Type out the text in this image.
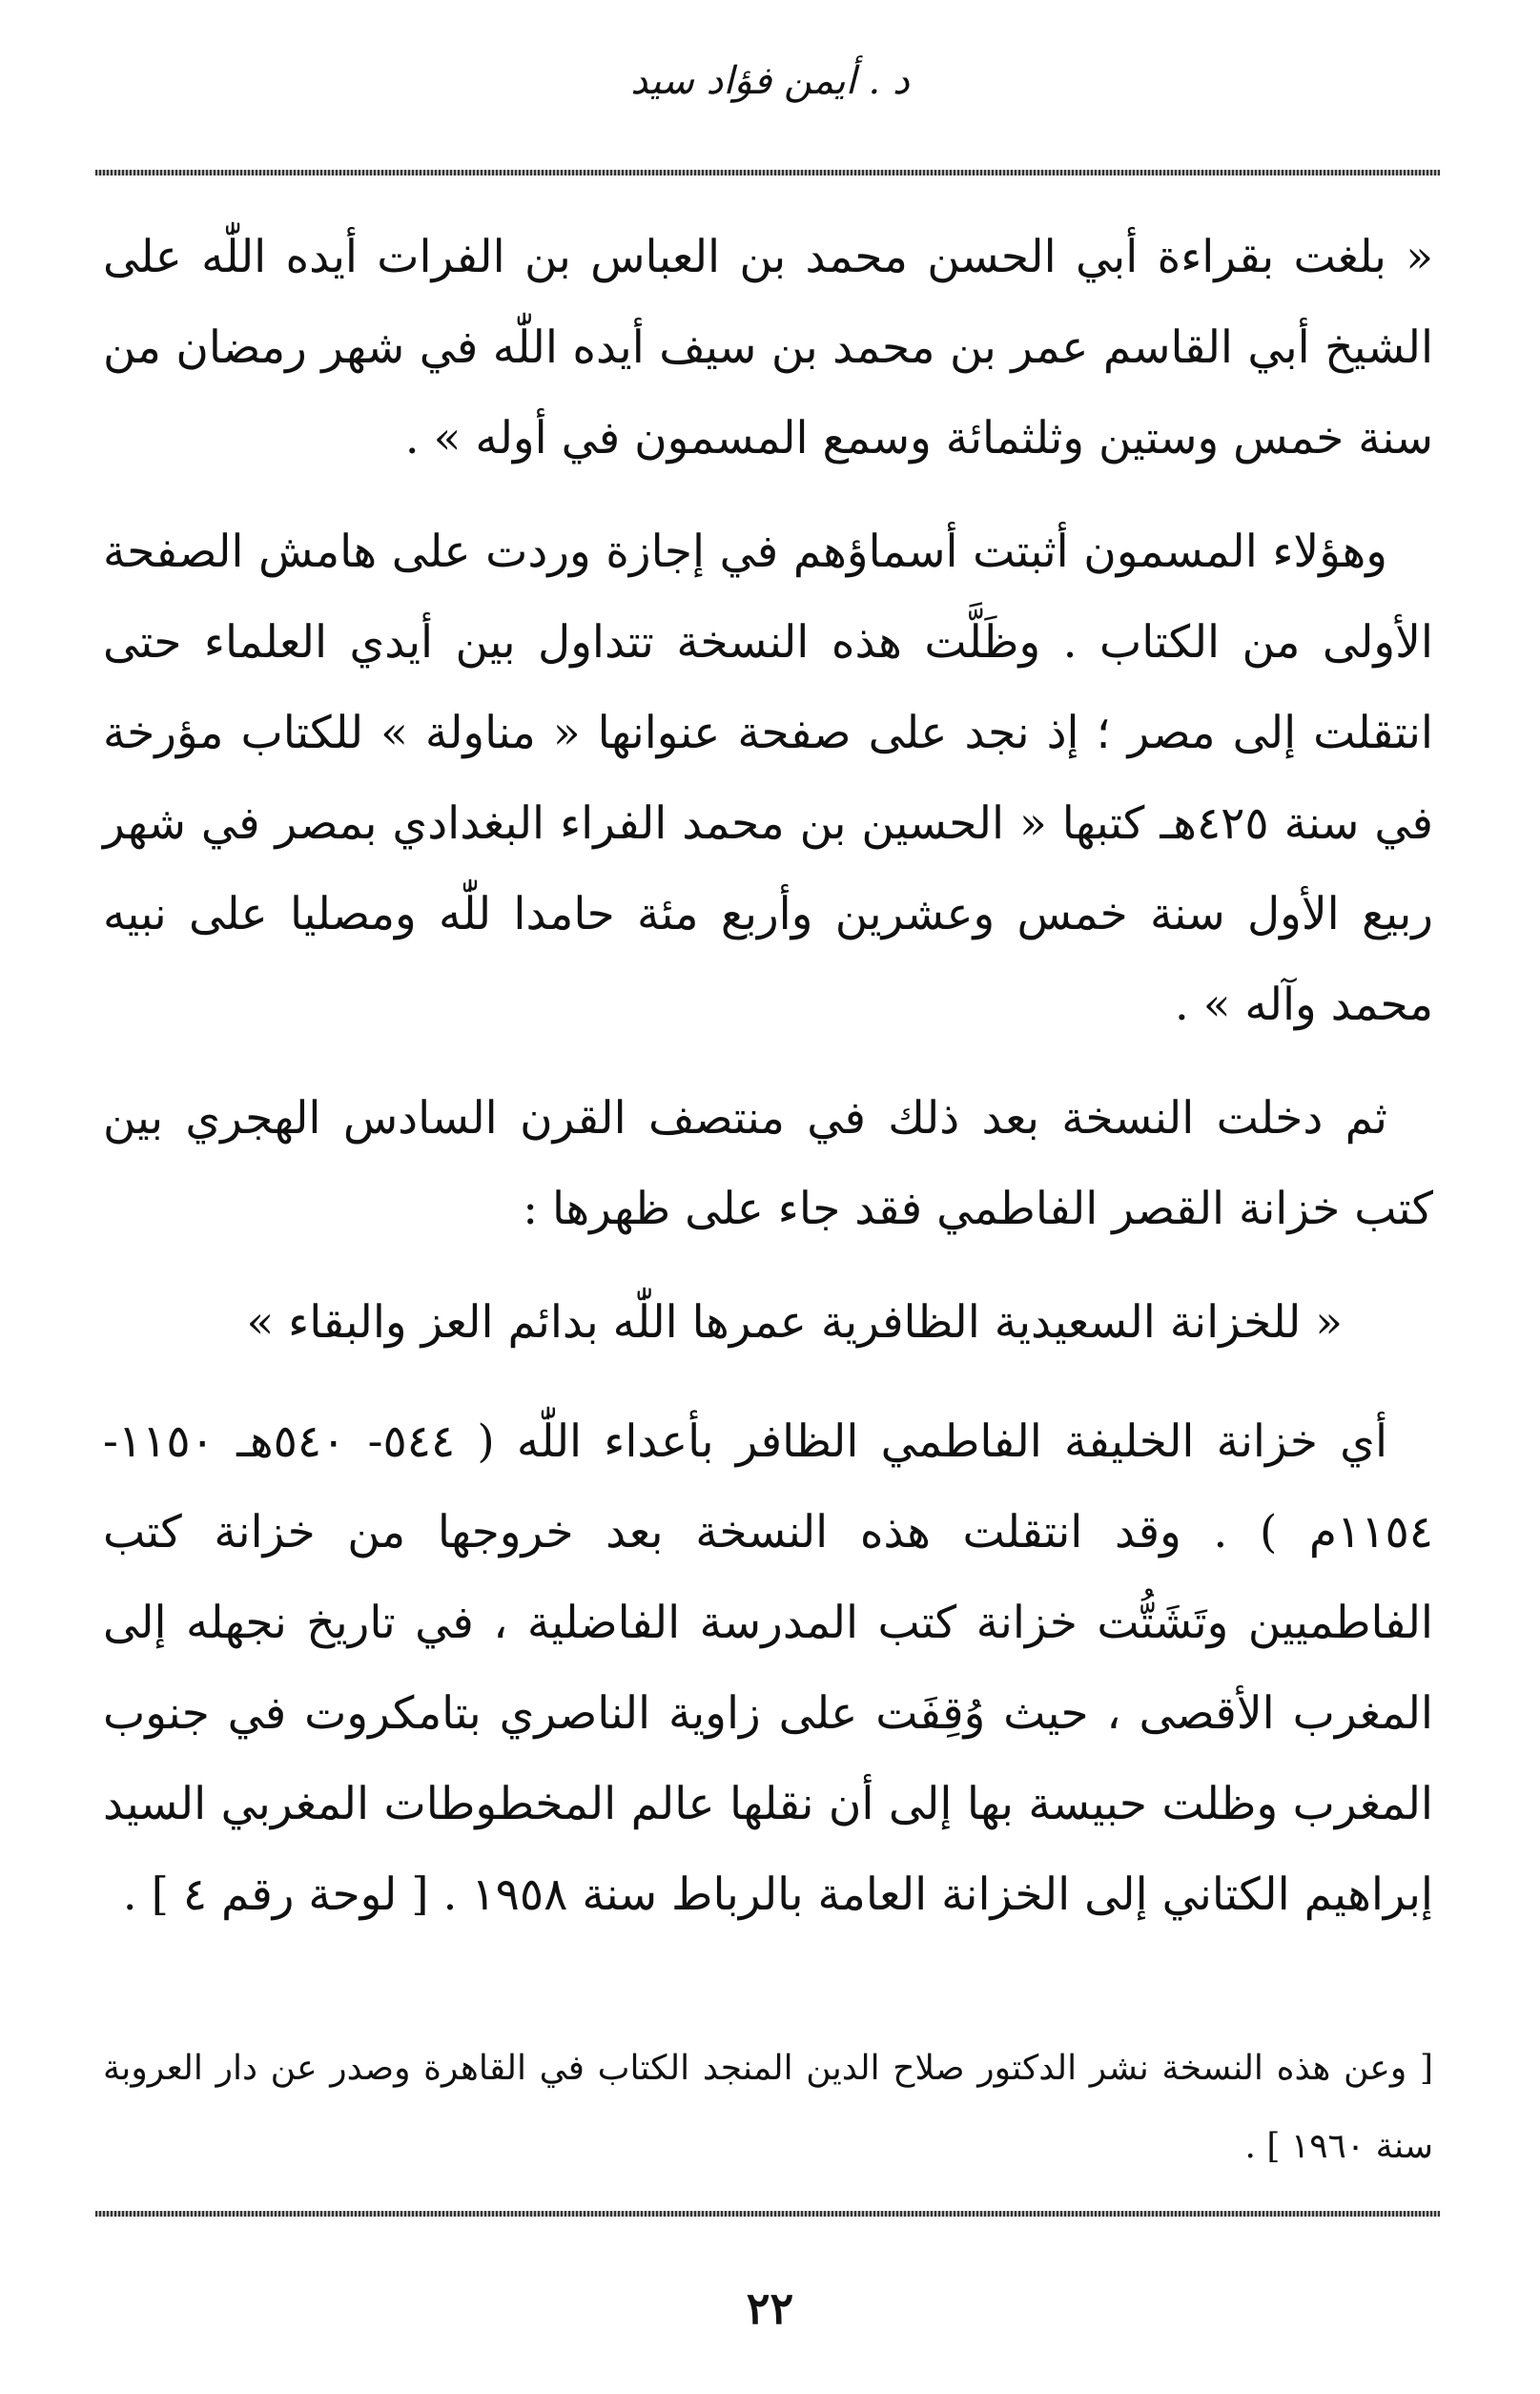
د . أيمن فؤاد سيد

« بلغت بقراءة أبي الحسن محمد بن العباس بن الفرات أيده اللّٰه على الشيخ أبي القاسم عمر بن محمد بن سيف أيده اللّٰه في شهر رمضان من سنة خمس وستين وثلثمائة وسمع المسمون في أوله » .

وهؤلاء المسمون أثبتت أسماؤهم في إجازة وردت على هامش الصفحة الأولى من الكتاب . وظَلَّت هذه النسخة تتداول بين أيدي العلماء حتى انتقلت إلى مصر ؛ إذ نجد على صفحة عنوانها « مناولة » للكتاب مؤرخة في سنة ٤٢٥هـ كتبها « الحسين بن محمد الفراء البغدادي بمصر في شهر ربيع الأول سنة خمس وعشرين وأربع مئة حامدا للّٰه ومصليا على نبيه محمد وآله » .

ثم دخلت النسخة بعد ذلك في منتصف القرن السادس الهجري بين كتب خزانة القصر الفاطمي فقد جاء على ظهرها :

« للخزانة السعيدية الظافرية عمرها اللّٰه بدائم العز والبقاء »

أي خزانة الخليفة الفاطمي الظافر بأعداء اللّٰه ( ٥٤٤- ٥٤٠هـ ١١٥٠- ١١٥٤م ) . وقد انتقلت هذه النسخة بعد خروجها من خزانة كتب الفاطميين وتَشَتُّت خزانة كتب المدرسة الفاضلية ، في تاريخ نجهله إلى المغرب الأقصى ، حيث وُقِفَت على زاوية الناصري بتامكروت في جنوب المغرب وظلت حبيسة بها إلى أن نقلها عالم المخطوطات المغربي السيد إبراهيم الكتاني إلى الخزانة العامة بالرباط سنة ١٩٥٨ . [ لوحة رقم ٤ ] .

[ وعن هذه النسخة نشر الدكتور صلاح الدين المنجد الكتاب في القاهرة وصدر عن دار العروبة سنة ١٩٦٠ ] .

٢٢
